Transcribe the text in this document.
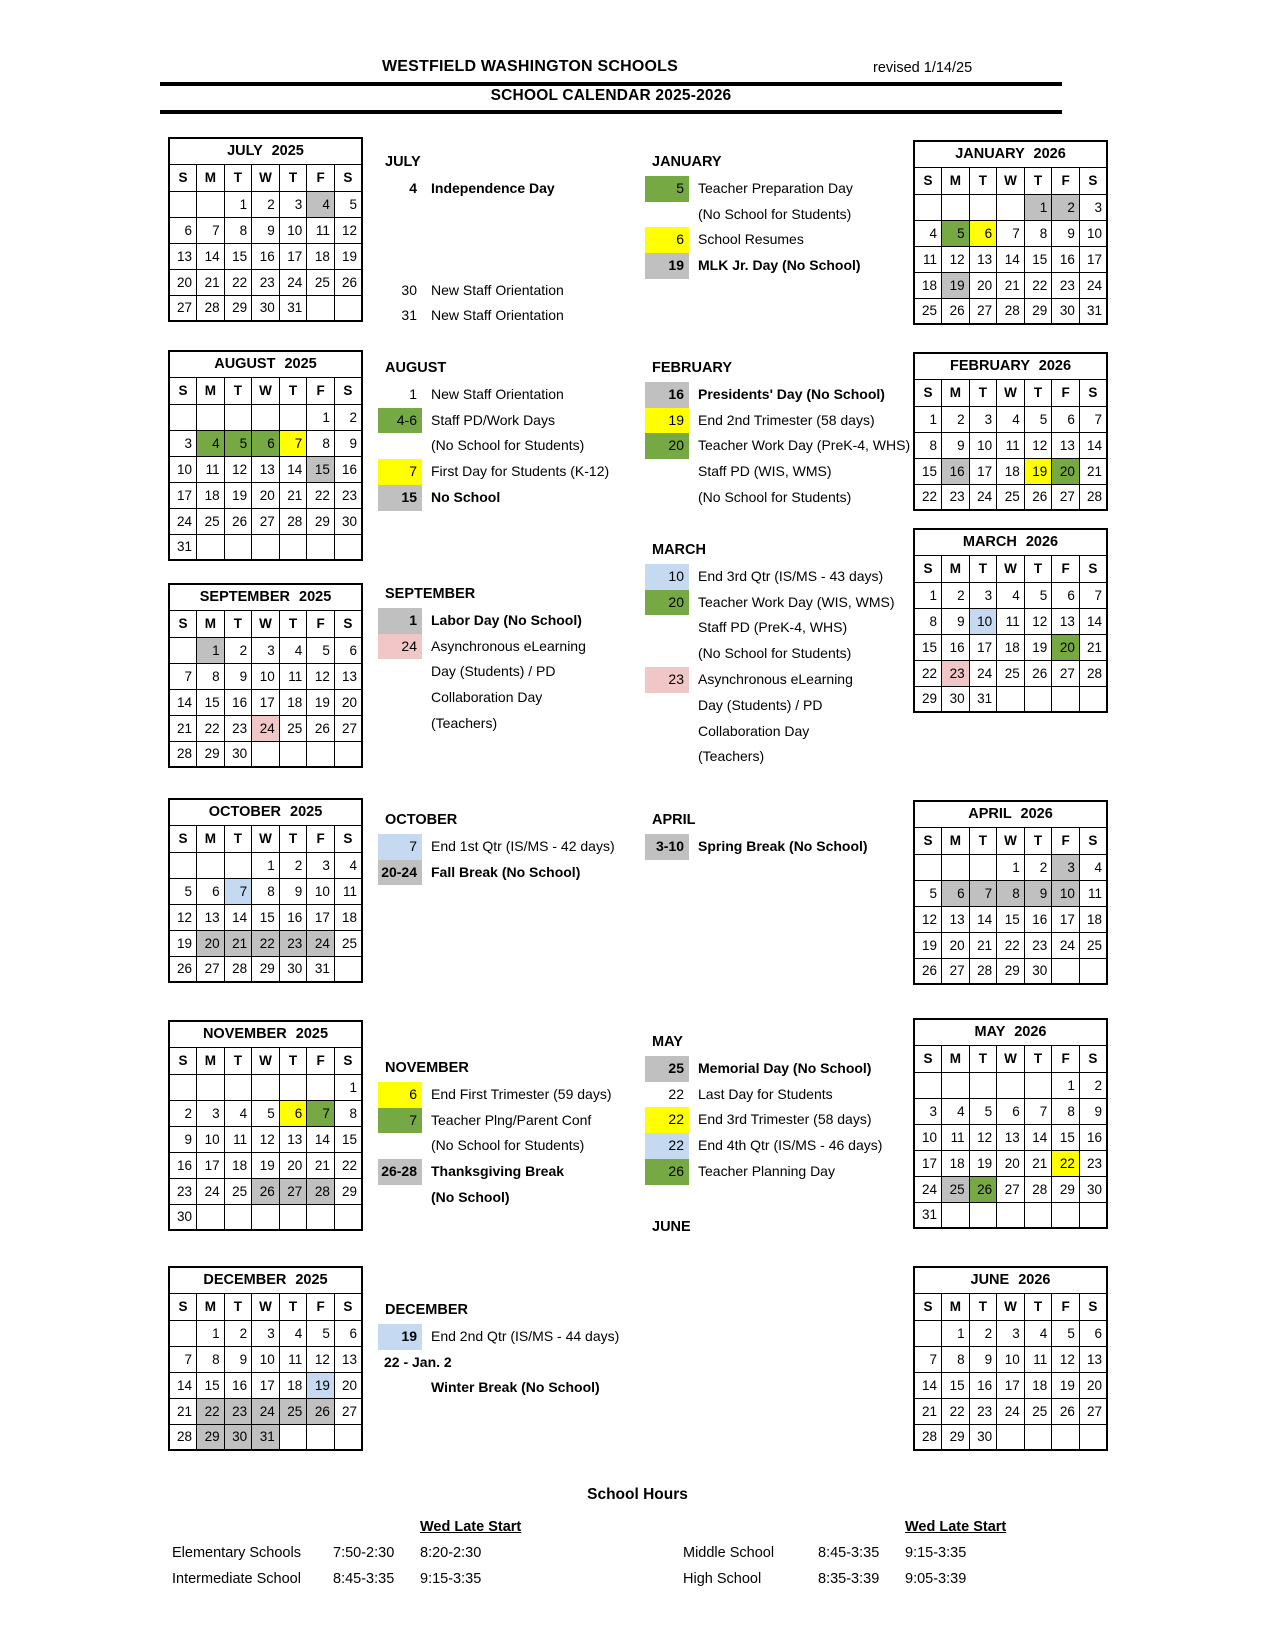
WESTFIELD WASHINGTON SCHOOLS	revised 1/14/25
SCHOOL CALENDAR 2025-2026
JULY 2025						
S	M	T	W	T	F	S
		1	2	3	4	5
6	7	8	9	10	11	12
13	14	15	16	17	18	19
20	21	22	23	24	25	26
27	28	29	30	31		
AUGUST 2025						
S	M	T	W	T	F	S
					1	2
3	4	5	6	7	8	9
10	11	12	13	14	15	16
17	18	19	20	21	22	23
24	25	26	27	28	29	30
31						
SEPTEMBER 2025						
S	M	T	W	T	F	S
	1	2	3	4	5	6
7	8	9	10	11	12	13
14	15	16	17	18	19	20
21	22	23	24	25	26	27
28	29	30				
OCTOBER 2025						
S	M	T	W	T	F	S
			1	2	3	4
5	6	7	8	9	10	11
12	13	14	15	16	17	18
19	20	21	22	23	24	25
26	27	28	29	30	31	
NOVEMBER 2025						
S	M	T	W	T	F	S
						1
2	3	4	5	6	7	8
9	10	11	12	13	14	15
16	17	18	19	20	21	22
23	24	25	26	27	28	29
30						
DECEMBER 2025						
S	M	T	W	T	F	S
	1	2	3	4	5	6
7	8	9	10	11	12	13
14	15	16	17	18	19	20
21	22	23	24	25	26	27
28	29	30	31			
JANUARY 2026						
S	M	T	W	T	F	S
				1	2	3
4	5	6	7	8	9	10
11	12	13	14	15	16	17
18	19	20	21	22	23	24
25	26	27	28	29	30	31
FEBRUARY 2026						
S	M	T	W	T	F	S
1	2	3	4	5	6	7
8	9	10	11	12	13	14
15	16	17	18	19	20	21
22	23	24	25	26	27	28
MARCH 2026						
S	M	T	W	T	F	S
1	2	3	4	5	6	7
8	9	10	11	12	13	14
15	16	17	18	19	20	21
22	23	24	25	26	27	28
29	30	31				
APRIL 2026						
S	M	T	W	T	F	S
			1	2	3	4
5	6	7	8	9	10	11
12	13	14	15	16	17	18
19	20	21	22	23	24	25
26	27	28	29	30		
MAY 2026						
S	M	T	W	T	F	S
					1	2
3	4	5	6	7	8	9
10	11	12	13	14	15	16
17	18	19	20	21	22	23
24	25	26	27	28	29	30
31						
JUNE 2026						
S	M	T	W	T	F	S
	1	2	3	4	5	6
7	8	9	10	11	12	13
14	15	16	17	18	19	20
21	22	23	24	25	26	27
28	29	30				
JULY
4	Independence Day
30	New Staff Orientation
31	New Staff Orientation
AUGUST
1	New Staff Orientation
4-6	Staff PD/Work Days
(No School for Students)
7	First Day for Students (K-12)
15	No School
SEPTEMBER
1	Labor Day (No School)
24	Asynchronous eLearning
Day (Students) / PD
Collaboration Day
(Teachers)
OCTOBER
7	End 1st Qtr (IS/MS - 42 days)
20-24	Fall Break (No School)
NOVEMBER
6	End First Trimester (59 days)
7	Teacher Plng/Parent Conf
(No School for Students)
26-28	Thanksgiving Break
(No School)
DECEMBER
19	End 2nd Qtr (IS/MS - 44 days)
22 - Jan. 2
Winter Break (No School)
JANUARY
5	Teacher Preparation Day
(No School for Students)
6	School Resumes
19	MLK Jr. Day (No School)
FEBRUARY
16	Presidents' Day (No School)
19	End 2nd Trimester (58 days)
20	Teacher Work Day (PreK-4, WHS)
Staff PD (WIS, WMS)
(No School for Students)
MARCH
10	End 3rd Qtr (IS/MS - 43 days)
20	Teacher Work Day (WIS, WMS)
Staff PD (PreK-4, WHS)
(No School for Students)
23	Asynchronous eLearning
Day (Students) / PD
Collaboration Day
(Teachers)
APRIL
3-10	Spring Break (No School)
MAY
25	Memorial Day (No School)
22	Last Day for Students
22	End 3rd Trimester (58 days)
22	End 4th Qtr (IS/MS - 46 days)
26	Teacher Planning Day
JUNE
School Hours
Wed Late Start
Elementary Schools	7:50-2:30	8:20-2:30
Intermediate School	8:45-3:35	9:15-3:35
Wed Late Start
Middle School	8:45-3:35	9:15-3:35
High School	8:35-3:39	9:05-3:39
